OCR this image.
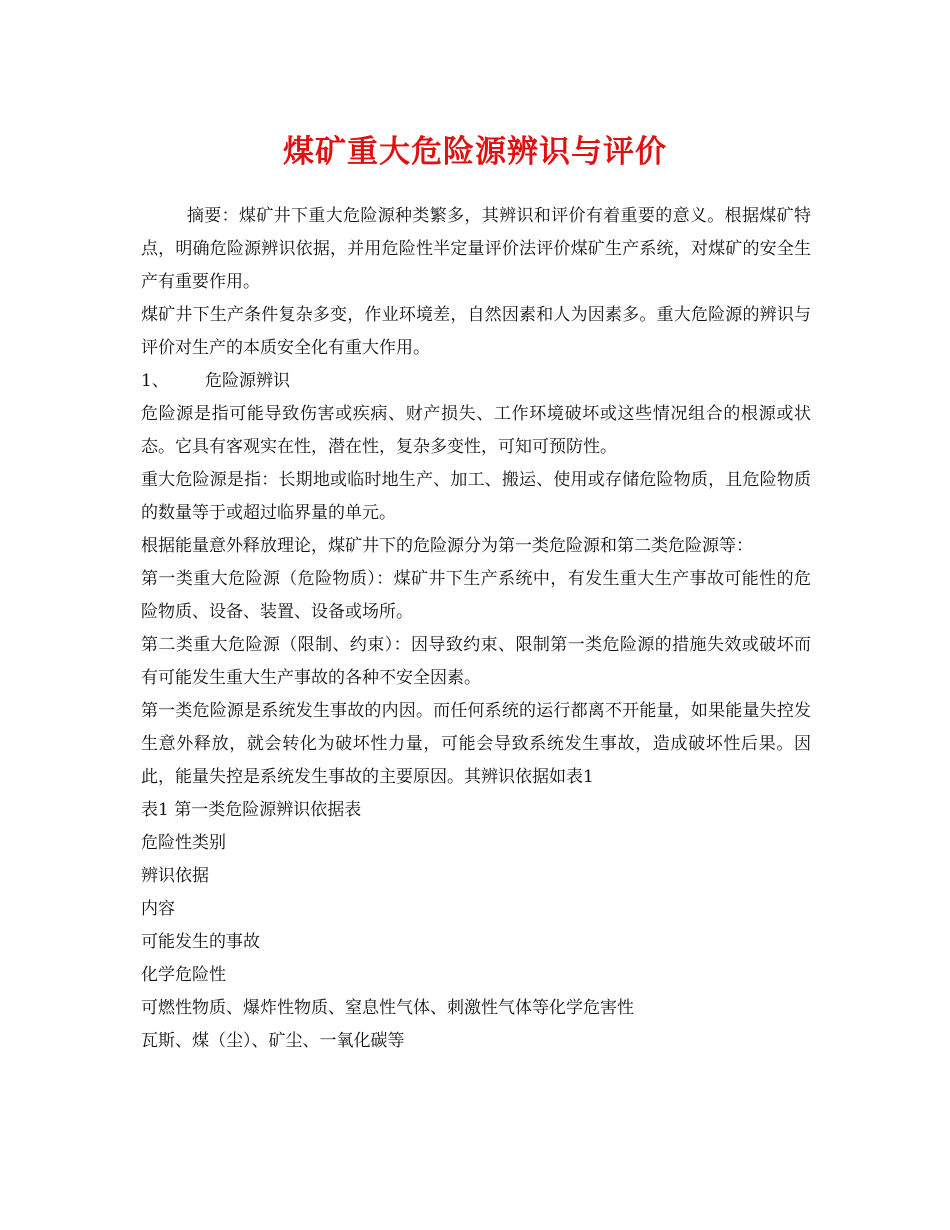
煤矿重大危险源辨识与评价

摘要：煤矿井下重大危险源种类繁多，其辨识和评价有着重要的意义。根据煤矿特点，明确危险源辨识依据，并用危险性半定量评价法评价煤矿生产系统，对煤矿的安全生产有重要作用。

煤矿井下生产条件复杂多变，作业环境差，自然因素和人为因素多。重大危险源的辨识与评价对生产的本质安全化有重大作用。

1、 危险源辨识

危险源是指可能导致伤害或疾病、财产损失、工作环境破坏或这些情况组合的根源或状态。它具有客观实在性，潜在性，复杂多变性，可知可预防性。

重大危险源是指：长期地或临时地生产、加工、搬运、使用或存储危险物质，且危险物质的数量等于或超过临界量的单元。

根据能量意外释放理论，煤矿井下的危险源分为第一类危险源和第二类危险源等：

第一类重大危险源（危险物质）：煤矿井下生产系统中，有发生重大生产事故可能性的危险物质、设备、装置、设备或场所。

第二类重大危险源（限制、约束）：因导致约束、限制第一类危险源的措施失效或破坏而有可能发生重大生产事故的各种不安全因素。

第一类危险源是系统发生事故的内因。而任何系统的运行都离不开能量，如果能量失控发生意外释放，就会转化为破坏性力量，可能会导致系统发生事故，造成破坏性后果。因此，能量失控是系统发生事故的主要原因。其辨识依据如表1

表1 第一类危险源辨识依据表

危险性类别

辨识依据

内容

可能发生的事故

化学危险性

可燃性物质、爆炸性物质、窒息性气体、刺激性气体等化学危害性

瓦斯、煤（尘）、矿尘、一氧化碳等
